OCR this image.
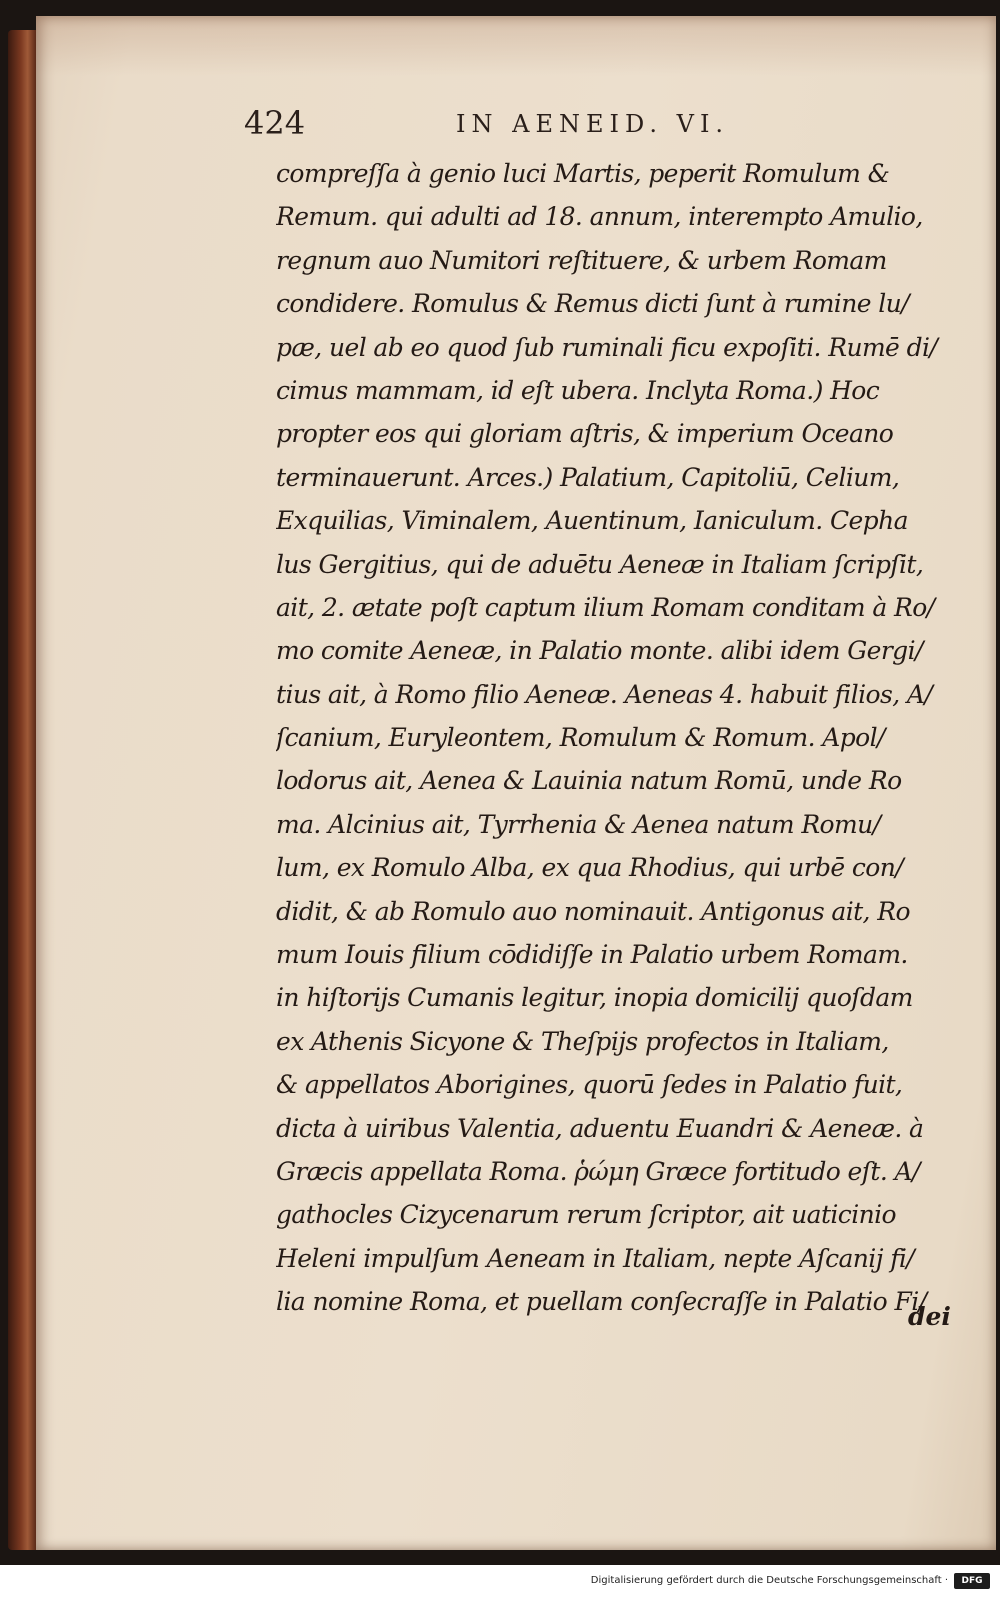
424	IN AENEID. VI.
compreſſa à genio luci Martis, peperit Romulum &
Remum. qui adulti ad 18. annum, interempto Amulio,
regnum auo Numitori reſtituere, & urbem Romam
condidere. Romulus & Remus dicti ſunt à rumine lu/
pæ, uel ab eo quod ſub ruminali ficu expoſiti. Rumē di/
cimus mammam, id eſt ubera. Inclyta Roma.) Hoc
propter eos qui gloriam aſtris, & imperium Oceano
terminauerunt. Arces.) Palatium, Capitoliū, Celium,
Exquilias, Viminalem, Auentinum, Ianiculum. Cepha
lus Gergitius, qui de aduētu Aeneæ in Italiam ſcripſit,
ait, 2. ætate poſt captum ilium Romam conditam à Ro/
mo comite Aeneæ, in Palatio monte. alibi idem Gergi/
tius ait, à Romo filio Aeneæ. Aeneas 4. habuit filios, A/
ſcanium, Euryleontem, Romulum & Romum. Apol/
lodorus ait, Aenea & Lauinia natum Romū, unde Ro
ma. Alcinius ait, Tyrrhenia & Aenea natum Romu/
lum, ex Romulo Alba, ex qua Rhodius, qui urbē con/
didit, & ab Romulo auo nominauit. Antigonus ait, Ro
mum Iouis filium cōdidiſſe in Palatio urbem Romam.
in hiſtorijs Cumanis legitur, inopia domicilij quoſdam
ex Athenis Sicyone & Theſpijs profectos in Italiam,
& appellatos Aborigines, quorū ſedes in Palatio fuit,
dicta à uiribus Valentia, aduentu Euandri & Aeneæ. à
Græcis appellata Roma. ῥώμη Græce fortitudo eſt. A/
gathocles Cizycenarum rerum ſcriptor, ait uaticinio
Heleni impulſum Aeneam in Italiam, nepte Aſcanij fi/
lia nomine Roma, et puellam conſecraſſe in Palatio Fi/
dei
Digitalisierung gefördert durch die Deutsche Forschungsgemeinschaft ·	DFG
